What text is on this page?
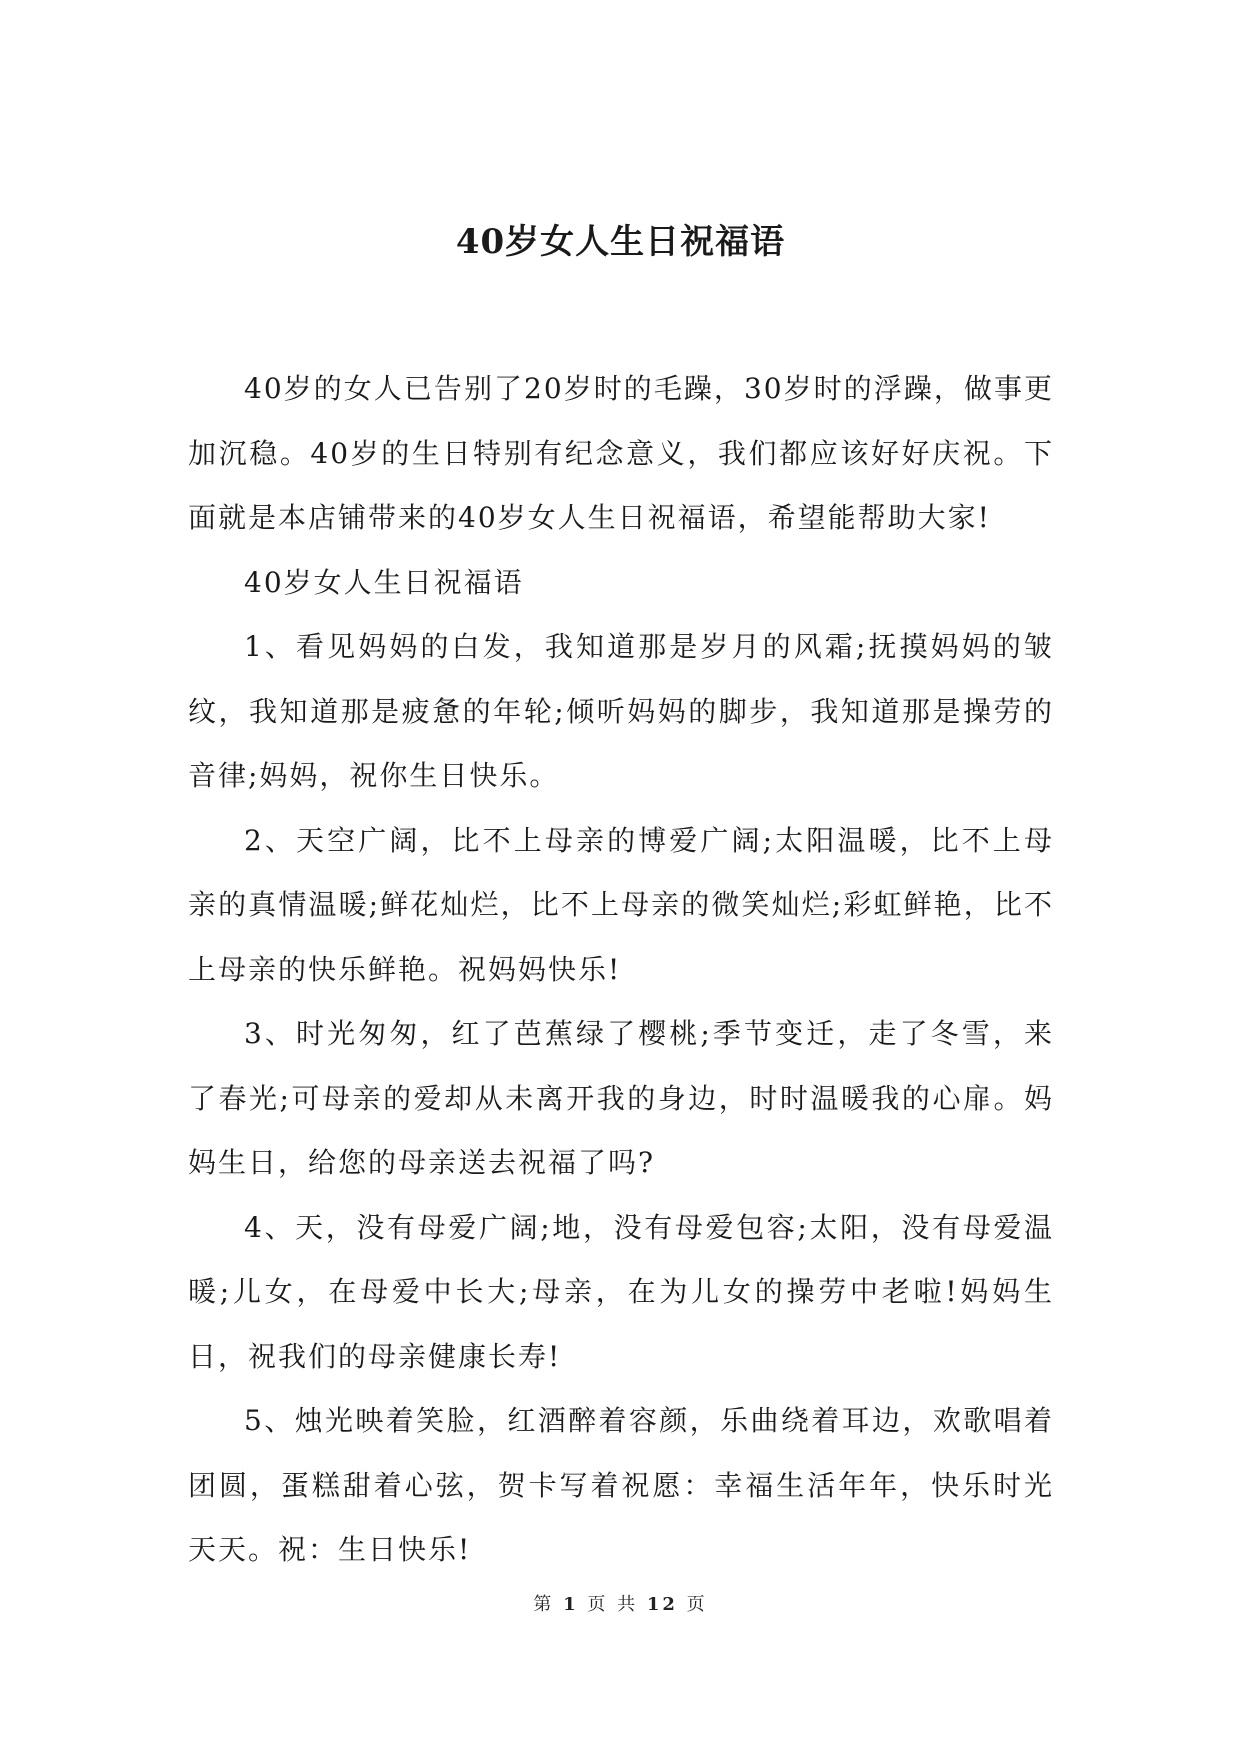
40岁女人生日祝福语

40岁的女人已告别了20岁时的毛躁，30岁时的浮躁，做事更加沉稳。40岁的生日特别有纪念意义，我们都应该好好庆祝。下面就是本店铺带来的40岁女人生日祝福语，希望能帮助大家!

40岁女人生日祝福语

1、看见妈妈的白发，我知道那是岁月的风霜;抚摸妈妈的皱纹，我知道那是疲惫的年轮;倾听妈妈的脚步，我知道那是操劳的音律;妈妈，祝你生日快乐。

2、天空广阔，比不上母亲的博爱广阔;太阳温暖，比不上母亲的真情温暖;鲜花灿烂，比不上母亲的微笑灿烂;彩虹鲜艳，比不上母亲的快乐鲜艳。祝妈妈快乐!

3、时光匆匆，红了芭蕉绿了樱桃;季节变迁，走了冬雪，来了春光;可母亲的爱却从未离开我的身边，时时温暖我的心扉。妈妈生日，给您的母亲送去祝福了吗?

4、天，没有母爱广阔;地，没有母爱包容;太阳，没有母爱温暖;儿女，在母爱中长大;母亲，在为儿女的操劳中老啦!妈妈生日，祝我们的母亲健康长寿!

5、烛光映着笑脸，红酒醉着容颜，乐曲绕着耳边，欢歌唱着团圆，蛋糕甜着心弦，贺卡写着祝愿：幸福生活年年，快乐时光天天。祝：生日快乐!

第 1 页 共 12 页
